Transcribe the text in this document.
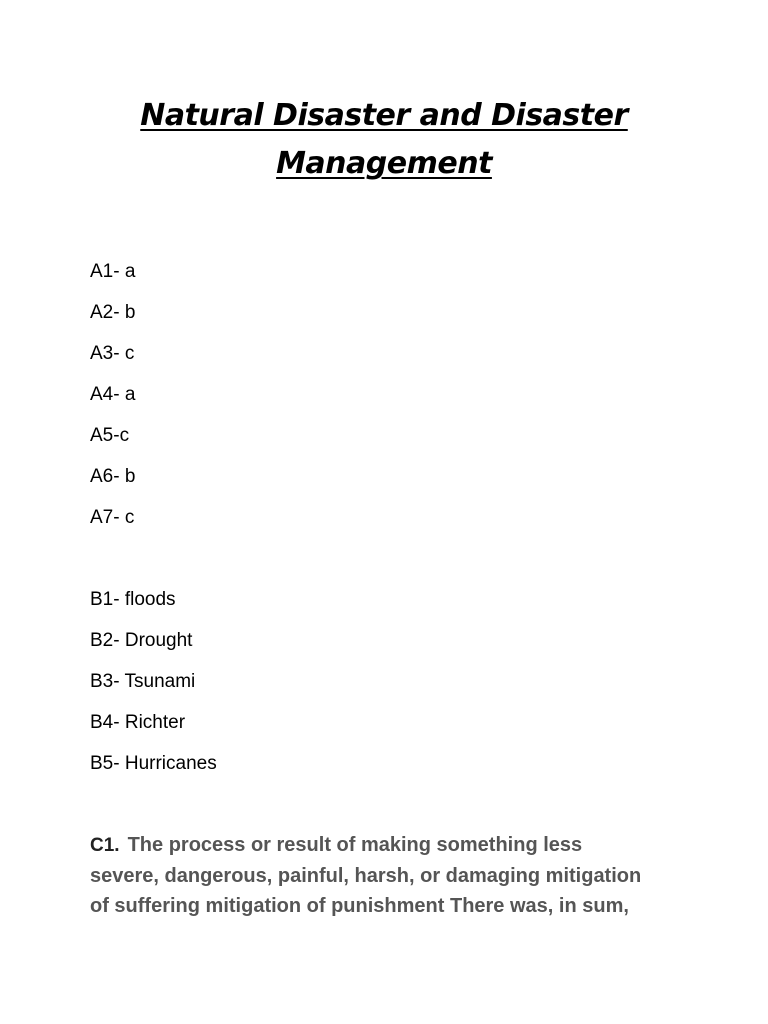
Natural Disaster and Disaster
Management
A1- a
A2- b
A3- c
A4- a
A5-c
A6- b
A7- c
B1- floods
B2- Drought
B3- Tsunami
B4- Richter
B5- Hurricanes
C1. The process or result of making something less
severe, dangerous, painful, harsh, or damaging mitigation
of suffering mitigation of punishment There was, in sum,
